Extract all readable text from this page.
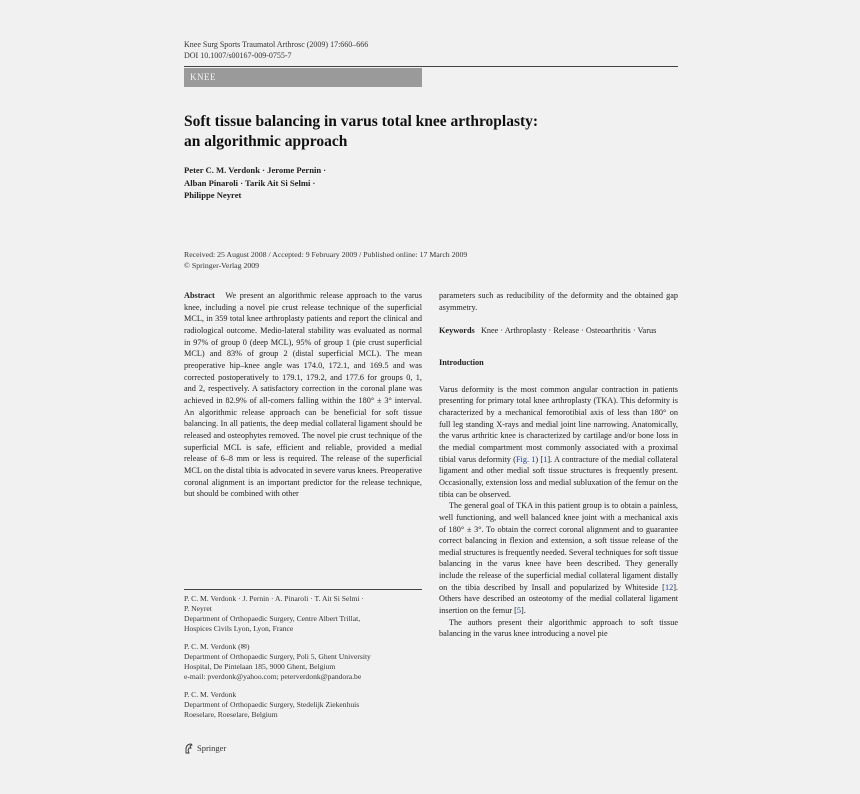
Knee Surg Sports Traumatol Arthrosc (2009) 17:660–666
DOI 10.1007/s00167-009-0755-7
KNEE
Soft tissue balancing in varus total knee arthroplasty:
an algorithmic approach
Peter C. M. Verdonk · Jerome Pernin ·
Alban Pinaroli · Tarik Ait Si Selmi ·
Philippe Neyret
Received: 25 August 2008 / Accepted: 9 February 2009 / Published online: 17 March 2009
© Springer-Verlag 2009

Abstract We present an algorithmic release approach to the varus knee, including a novel pie crust release technique of the superficial MCL, in 359 total knee arthroplasty patients and report the clinical and radiological outcome. Medio-lateral stability was evaluated as normal in 97% of group 0 (deep MCL), 95% of group 1 (pie crust superficial MCL) and 83% of group 2 (distal superficial MCL). The mean preoperative hip–knee angle was 174.0, 172.1, and 169.5 and was corrected postoperatively to 179.1, 179.2, and 177.6 for groups 0, 1, and 2, respectively. A satisfactory correction in the coronal plane was achieved in 82.9% of all-comers falling within the 180° ± 3° interval. An algorithmic release approach can be beneficial for soft tissue balancing. In all patients, the deep medial collateral ligament should be released and osteophytes removed. The novel pie crust technique of the superficial MCL is safe, efficient and reliable, provided a medial release of 6–8 mm or less is required. The release of the superficial MCL on the distal tibia is advocated in severe varus knees. Preoperative coronal alignment is an important predictor for the release technique, but should be combined with other

P. C. M. Verdonk · J. Pernin · A. Pinaroli · T. Ait Si Selmi ·
P. Neyret
Department of Orthopaedic Surgery, Centre Albert Trillat,
Hospices Civils Lyon, Lyon, France
P. C. M. Verdonk (✉)
Department of Orthopaedic Surgery, Poli 5, Ghent University
Hospital, De Pintelaan 185, 9000 Ghent, Belgium
e-mail: pverdonk@yahoo.com; peterverdonk@pandora.be
P. C. M. Verdonk
Department of Orthopaedic Surgery, Stedelijk Ziekenhuis
Roeselare, Roeselare, Belgium
Springer

parameters such as reducibility of the deformity and the obtained gap asymmetry.

Keywords Knee · Arthroplasty · Release · Osteoarthritis · Varus

Introduction

Varus deformity is the most common angular contraction in patients presenting for primary total knee arthroplasty (TKA). This deformity is characterized by a mechanical femorotibial axis of less than 180° on full leg standing X-rays and medial joint line narrowing. Anatomically, the varus arthritic knee is characterized by cartilage and/or bone loss in the medial compartment most commonly associated with a proximal tibial varus deformity (Fig. 1) [1]. A contracture of the medial collateral ligament and other medial soft tissue structures is frequently present. Occasionally, extension loss and medial subluxation of the femur on the tibia can be observed.

The general goal of TKA in this patient group is to obtain a painless, well functioning, and well balanced knee joint with a mechanical axis of 180° ± 3°. To obtain the correct coronal alignment and to guarantee correct balancing in flexion and extension, a soft tissue release of the medial structures is frequently needed. Several techniques for soft tissue balancing in the varus knee have been described. They generally include the release of the superficial medial collateral ligament distally on the tibia described by Insall and popularized by Whiteside [12]. Others have described an osteotomy of the medial collateral ligament insertion on the femur [5].

The authors present their algorithmic approach to soft tissue balancing in the varus knee introducing a novel pie
